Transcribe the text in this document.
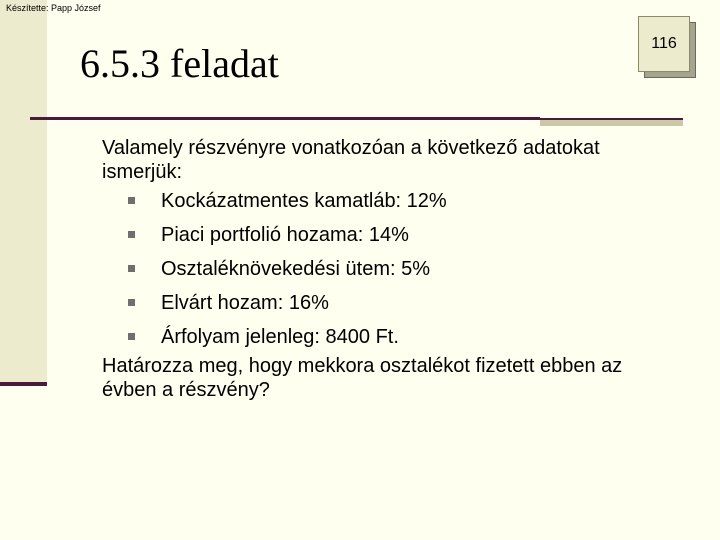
Készítette: Papp József
6.5.3 feladat	116

Valamely részvényre vonatkozóan a következő adatokat ismerjük:

Kockázatmentes kamatláb: 12%
Piaci portfolió hozama: 14%
Osztaléknövekedési ütem: 5%
Elvárt hozam: 16%
Árfolyam jelenleg: 8400 Ft.

Határozza meg, hogy mekkora osztalékot fizetett ebben az évben a részvény?
